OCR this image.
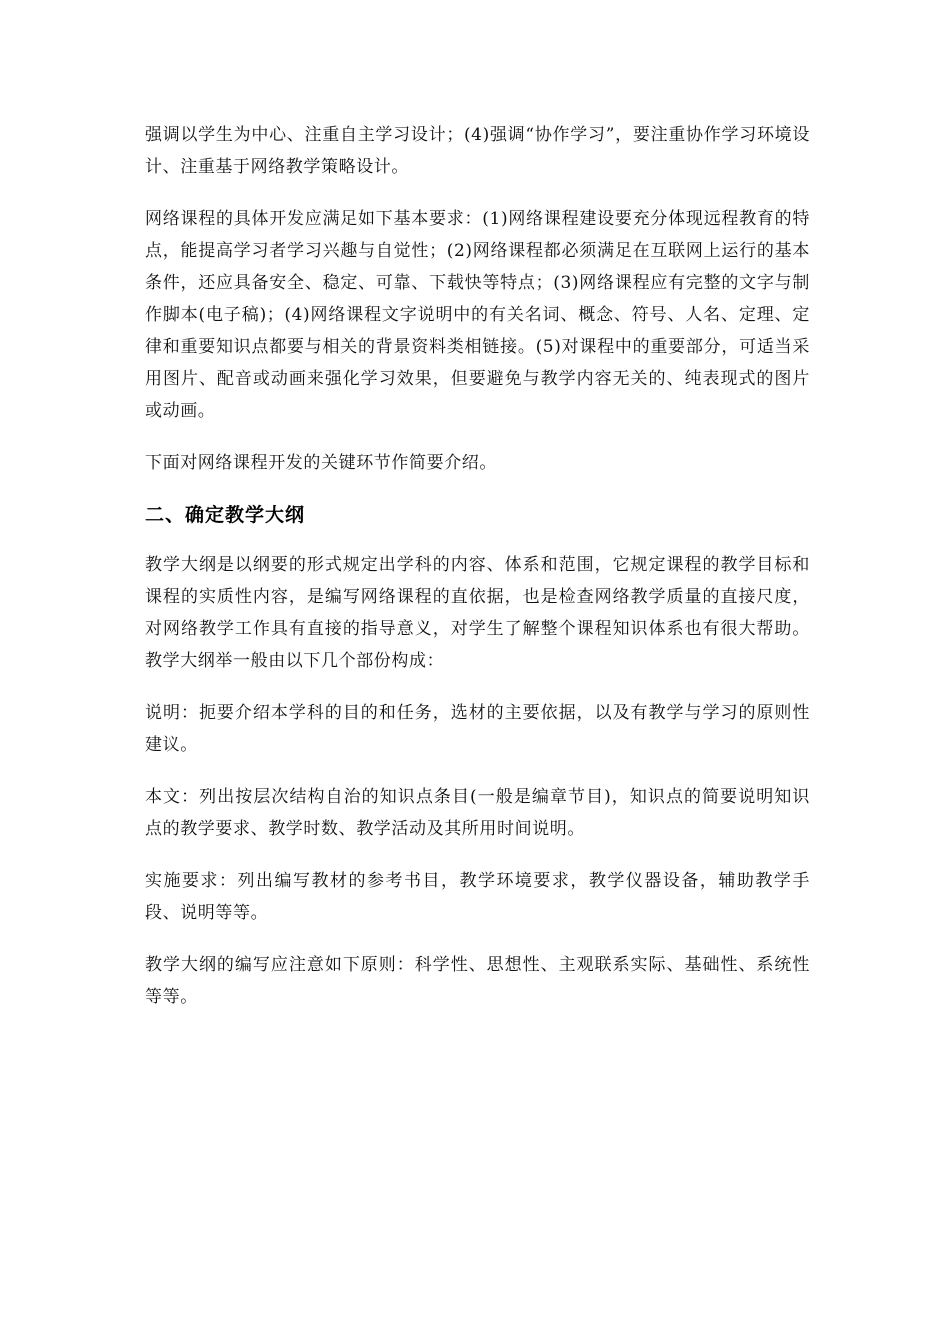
强调以学生为中心、注重自主学习设计；(4)强调“协作学习”，要注重协作学习环境设计、注重基于网络教学策略设计。

网络课程的具体开发应满足如下基本要求：(1)网络课程建设要充分体现远程教育的特点，能提高学习者学习兴趣与自觉性；(2)网络课程都必须满足在互联网上运行的基本条件，还应具备安全、稳定、可靠、下载快等特点；(3)网络课程应有完整的文字与制作脚本(电子稿)；(4)网络课程文字说明中的有关名词、概念、符号、人名、定理、定律和重要知识点都要与相关的背景资料类相链接。(5)对课程中的重要部分，可适当采用图片、配音或动画来强化学习效果，但要避免与教学内容无关的、纯表现式的图片或动画。

下面对网络课程开发的关键环节作简要介绍。

二、确定教学大纲

教学大纲是以纲要的形式规定出学科的内容、体系和范围，它规定课程的教学目标和课程的实质性内容，是编写网络课程的直依据，也是检查网络教学质量的直接尺度，对网络教学工作具有直接的指导意义，对学生了解整个课程知识体系也有很大帮助。教学大纲举一般由以下几个部份构成：

说明：扼要介绍本学科的目的和任务，选材的主要依据，以及有教学与学习的原则性建议。

本文：列出按层次结构自治的知识点条目(一般是编章节目)，知识点的简要说明知识点的教学要求、教学时数、教学活动及其所用时间说明。

实施要求：列出编写教材的参考书目，教学环境要求，教学仪器设备，辅助教学手段、说明等等。

教学大纲的编写应注意如下原则：科学性、思想性、主观联系实际、基础性、系统性等等。
